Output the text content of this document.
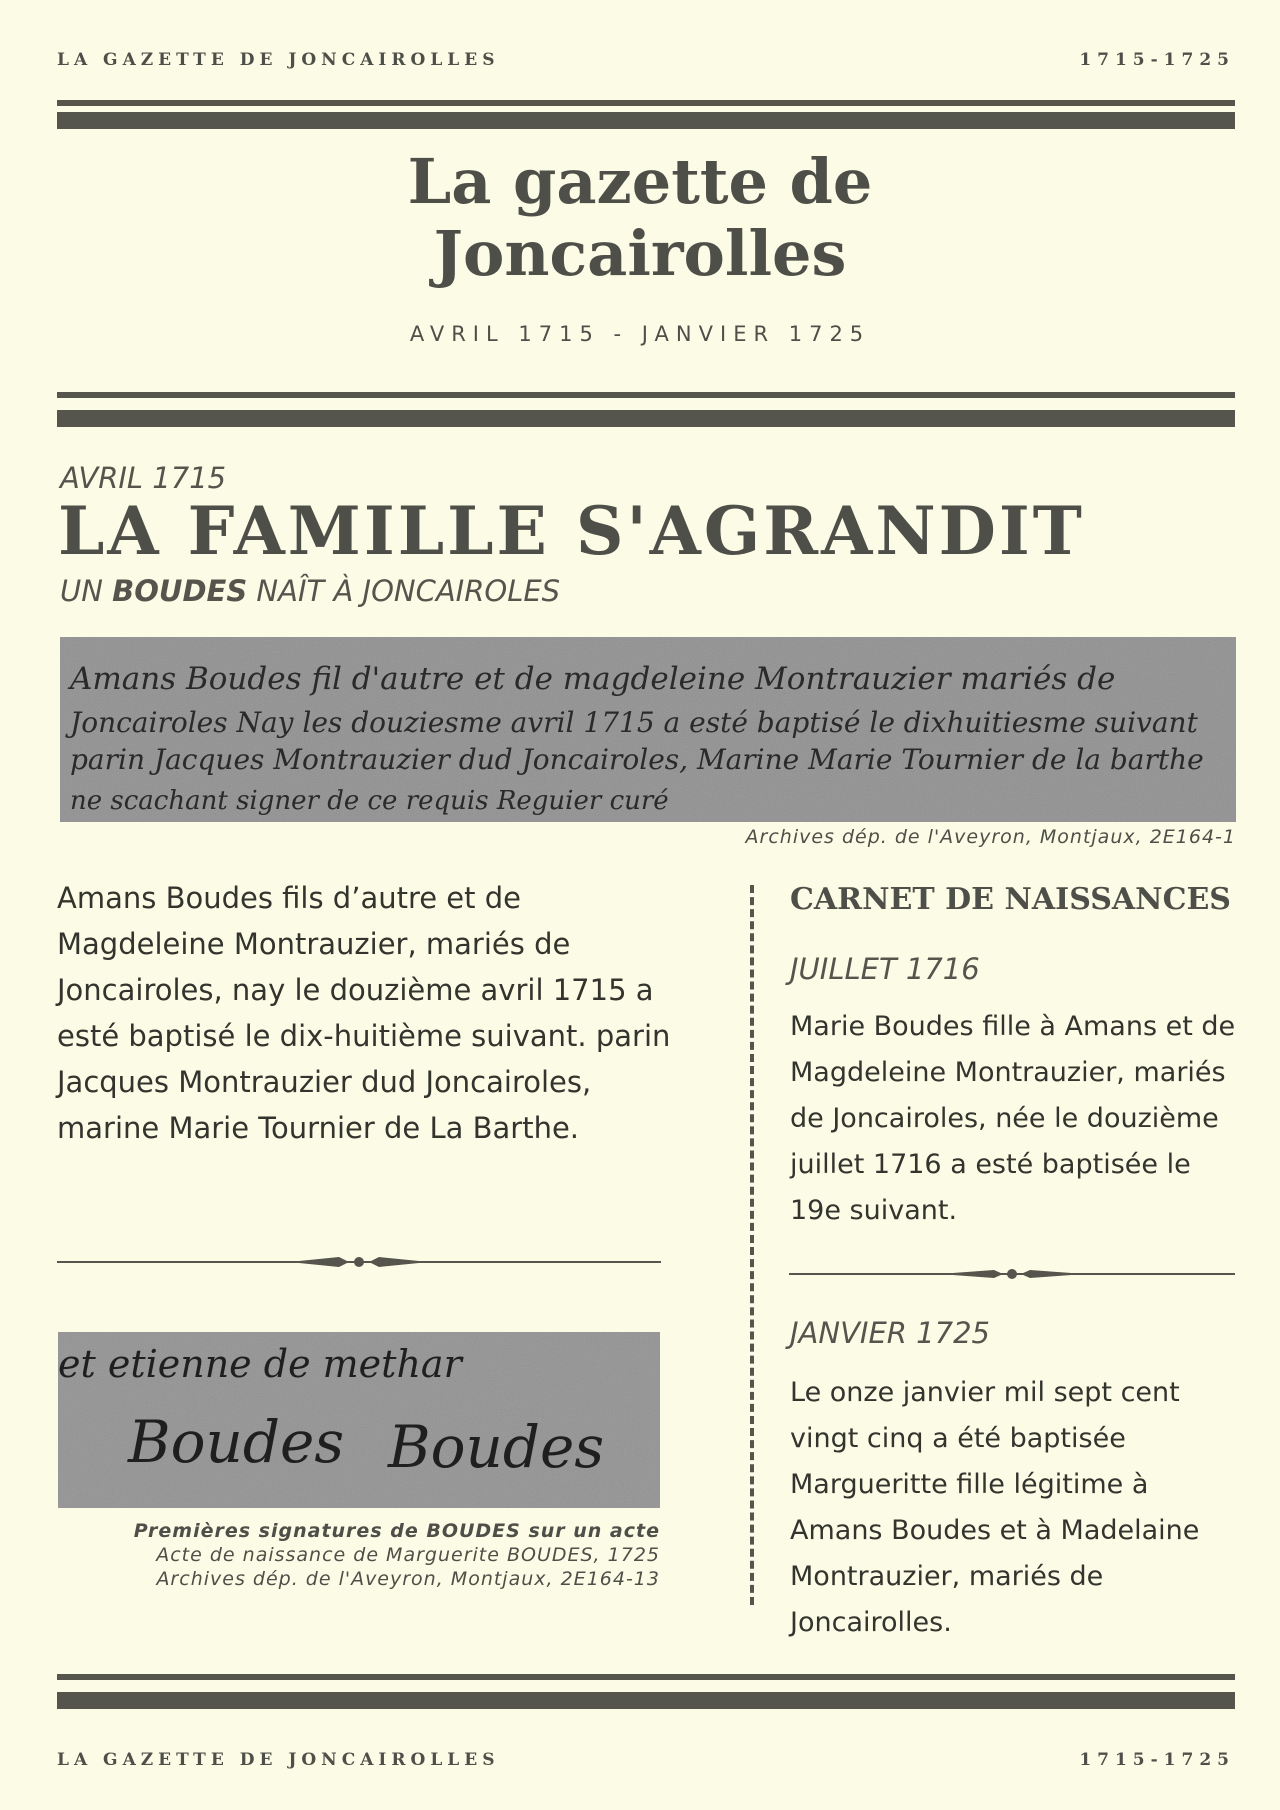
LA GAZETTE DE JONCAIROLLES	1715-1725
La gazette de
Joncairolles
AVRIL 1715 - JANVIER 1725
AVRIL 1715
LA FAMILLE S'AGRANDIT
UN BOUDES NAÎT À JONCAIROLES
Amans Boudes fil d'autre et de magdeleine Montrauzier mariés de
Joncairoles Nay les douziesme avril 1715 a esté baptisé le dixhuitiesme suivant
parin Jacques Montrauzier dud Joncairoles, Marine Marie Tournier de la barthe
ne scachant signer de ce requis Reguier curé
Archives dép. de l'Aveyron, Montjaux, 2E164-1
Amans Boudes fils d’autre et de Magdeleine Montrauzier, mariés de Joncairoles, nay le douzième avril 1715 a esté baptisé le dix-huitième suivant. parin Jacques Montrauzier dud Joncairoles, marine Marie Tournier de La Barthe.
et etienne de methar
Boudes Boudes
Premières signatures de BOUDES sur un acte
Acte de naissance de Marguerite BOUDES, 1725
Archives dép. de l'Aveyron, Montjaux, 2E164-13
CARNET DE NAISSANCES
JUILLET 1716
Marie Boudes fille à Amans et de Magdeleine Montrauzier, mariés de Joncairoles, née le douzième juillet 1716 a esté baptisée le 19e suivant.
JANVIER 1725
Le onze janvier mil sept cent vingt cinq a été baptisée Margueritte fille légitime à Amans Boudes et à Madelaine Montrauzier, mariés de Joncairolles.
LA GAZETTE DE JONCAIROLLES	1715-1725
